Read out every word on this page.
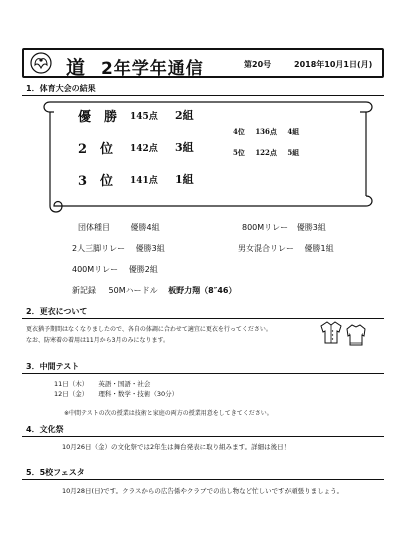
道 2年学年通信	第20号	2018年10月1日(月)
1．体育大会の結果
優　勝 145点 2組
2　位 142点 3組
3　位 141点 1組
4位 136点 4組
5位 122点 5組
団体種目	優勝4組	800Mリレー 優勝3組
2人三脚リレー 優勝3組	男女混合リレー 優勝1組
400Mリレー 優勝2組
新記録 50Mハードル 板野力翔（8″46）
2．更衣について
更衣猶予期間はなくなりましたので、各自の体調に合わせて適宜に更衣を行ってください。
なお、防寒着の着用は11月から3月のみになります。
3．中間テスト
11日（木） 英語・国語・社会
12日（金） 理科・数学・技術（30分）
※中間テストの次の授業は技術と家庭の両方の授業用意をしてきてください。
4．文化祭
10月26日（金）の文化祭では2年生は舞台発表に取り組みます。詳細は後日！
5．5校フェスタ
10月28日(日)です。クラスからの広告係やクラブでの出し物など忙しいですが頑張りましょう。
